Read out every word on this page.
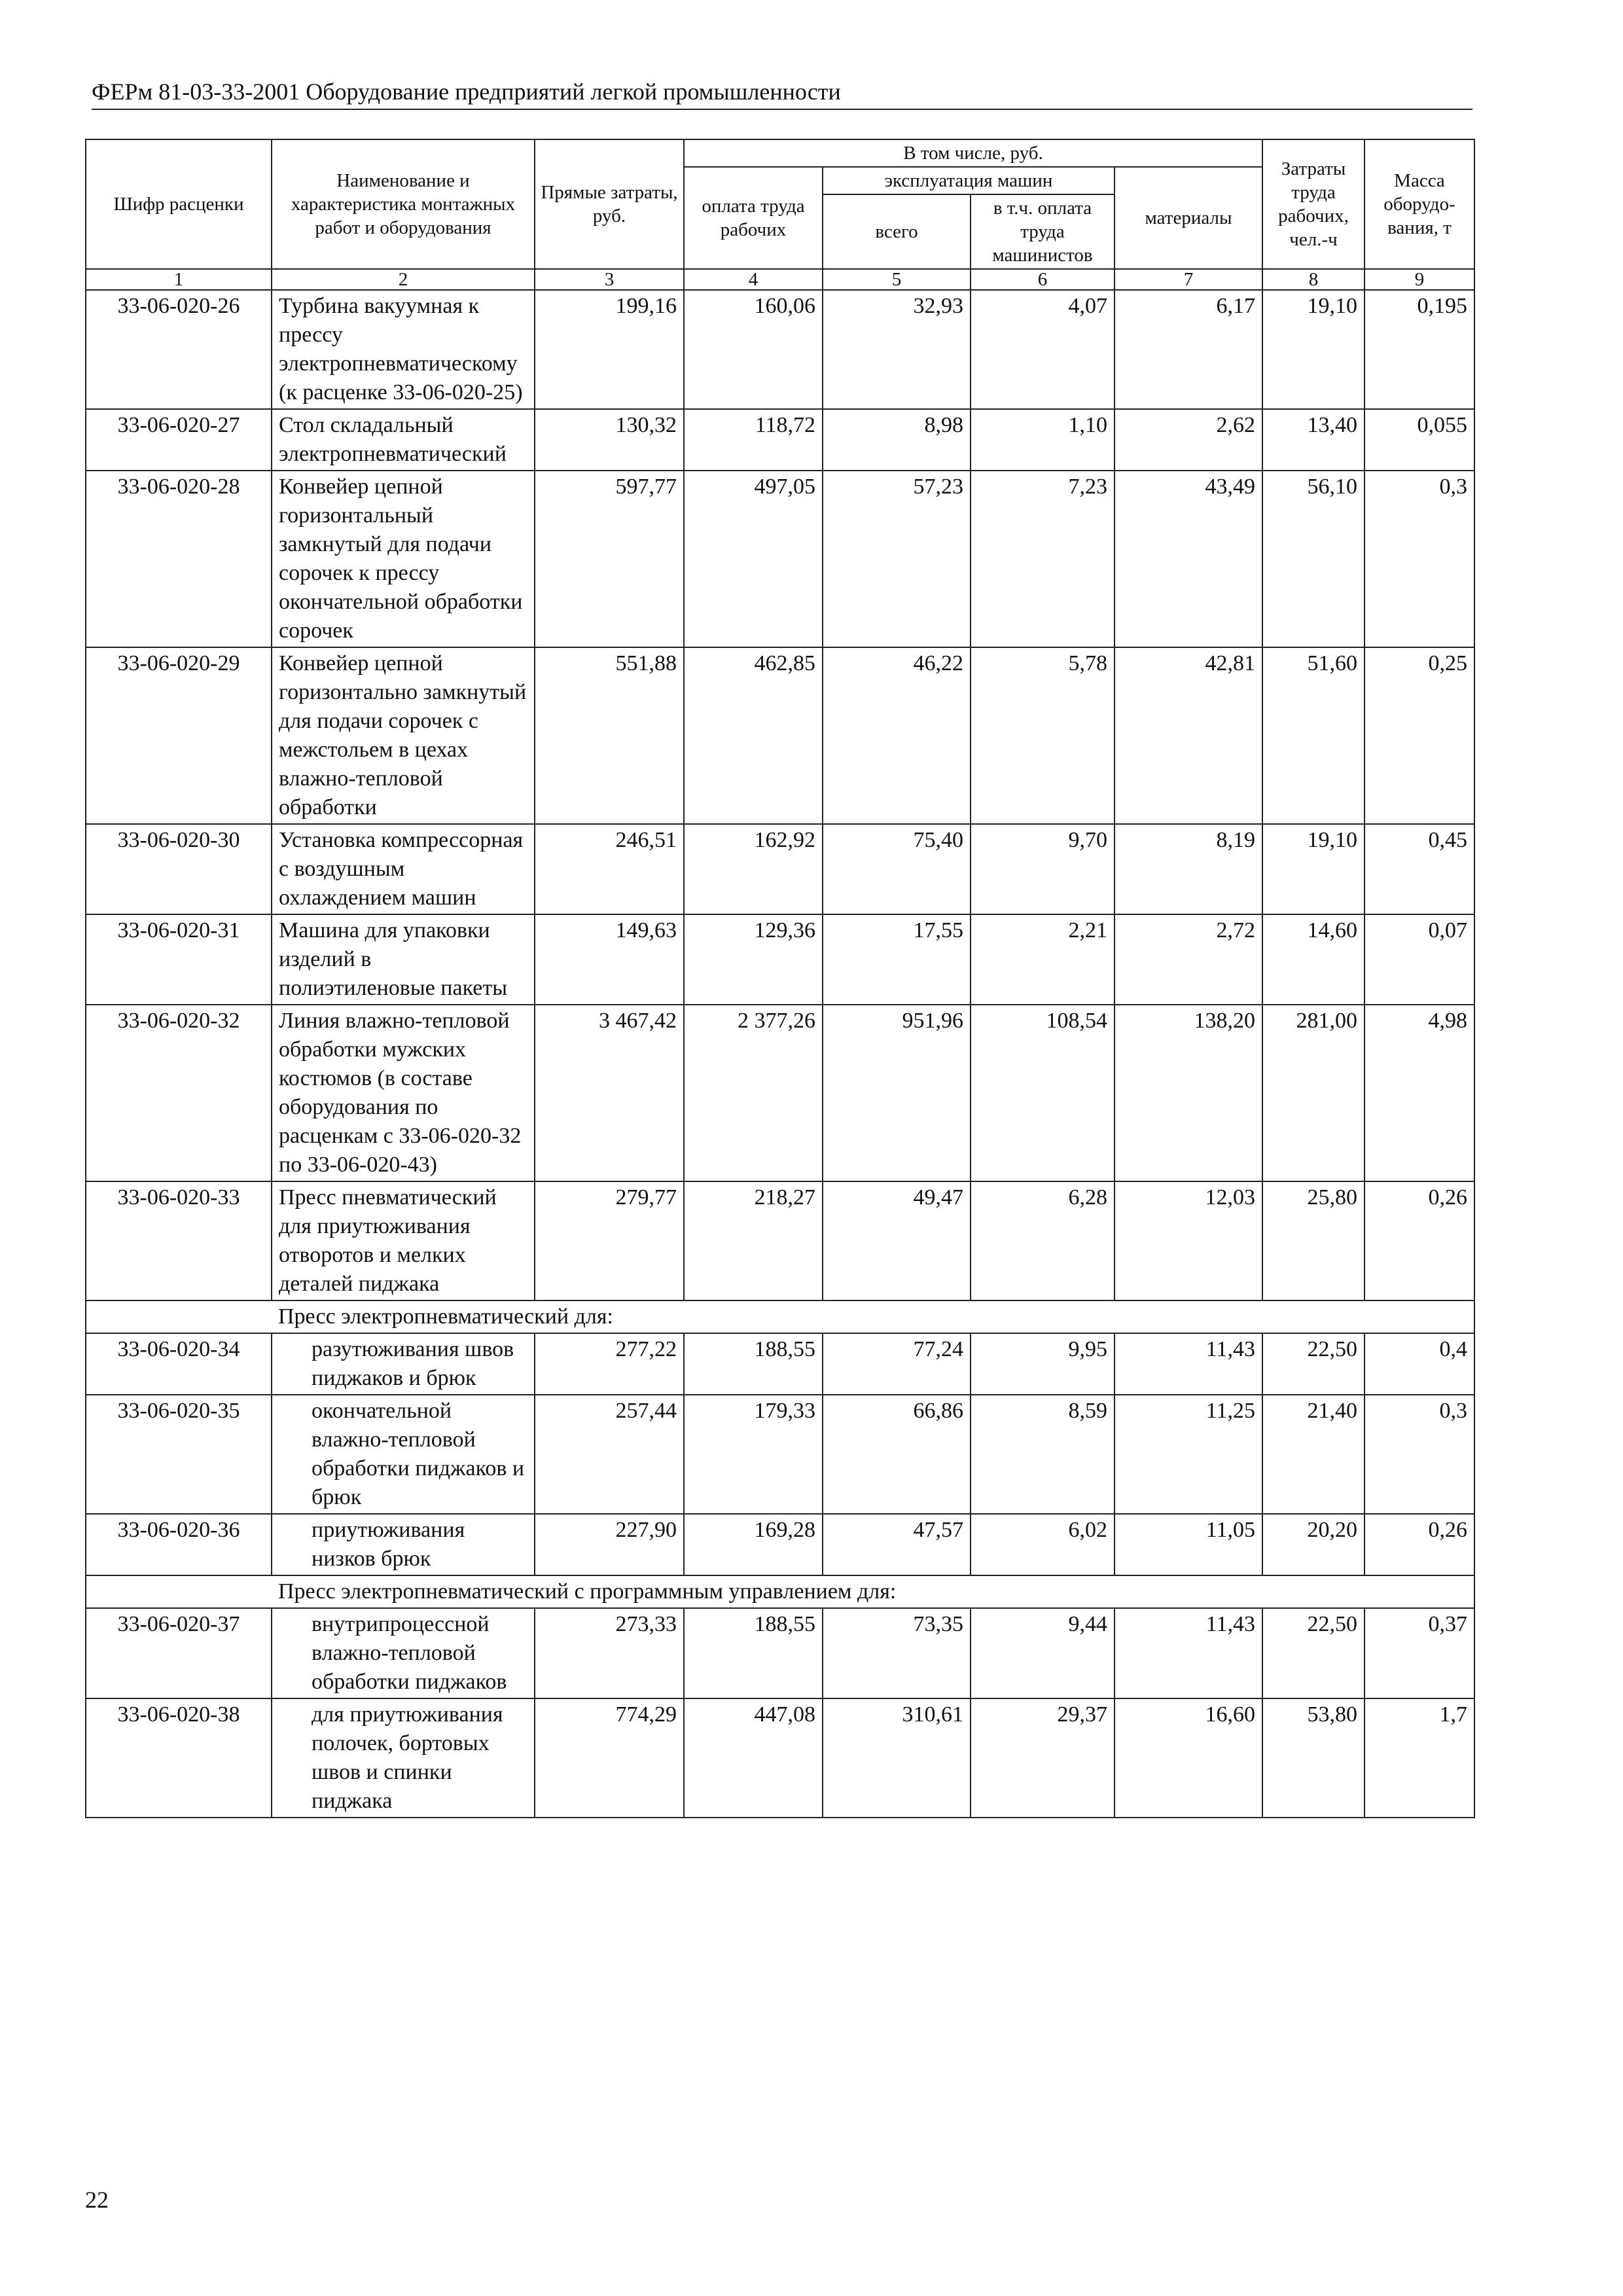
ФЕРм 81-03-33-2001 Оборудование предприятий легкой промышленности
Шифр расценки	Наименование и характеристика монтажных работ и оборудования	Прямые затраты, руб.	В том числе, руб.				Затраты труда рабочих, чел.-ч	Масса оборудо-вания, т
			оплата труда рабочих	эксплуатация машин		материалы		
				всего	в т.ч. оплата труда машинистов			
1	2	3	4	5	6	7	8	9
33-06-020-26	Турбина вакуумная к прессу электропневматическому (к расценке 33-06-020-25)	199,16	160,06	32,93	4,07	6,17	19,10	0,195
33-06-020-27	Стол складальный электропневматический	130,32	118,72	8,98	1,10	2,62	13,40	0,055
33-06-020-28	Конвейер цепной горизонтальный замкнутый для подачи сорочек к прессу окончательной обработки сорочек	597,77	497,05	57,23	7,23	43,49	56,10	0,3
33-06-020-29	Конвейер цепной горизонтально замкнутый для подачи сорочек с межстольем в цехах влажно-тепловой обработки	551,88	462,85	46,22	5,78	42,81	51,60	0,25
33-06-020-30	Установка компрессорная с воздушным охлаждением машин	246,51	162,92	75,40	9,70	8,19	19,10	0,45
33-06-020-31	Машина для упаковки изделий в полиэтиленовые пакеты	149,63	129,36	17,55	2,21	2,72	14,60	0,07
33-06-020-32	Линия влажно-тепловой обработки мужских костюмов (в составе оборудования по расценкам с 33-06-020-32 по 33-06-020-43)	3 467,42	2 377,26	951,96	108,54	138,20	281,00	4,98
33-06-020-33	Пресс пневматический для приутюживания отворотов и мелких деталей пиджака	279,77	218,27	49,47	6,28	12,03	25,80	0,26
	Пресс электропневматический для:							
33-06-020-34	разутюживания швов пиджаков и брюк	277,22	188,55	77,24	9,95	11,43	22,50	0,4
33-06-020-35	окончательной влажно-тепловой обработки пиджаков и брюк	257,44	179,33	66,86	8,59	11,25	21,40	0,3
33-06-020-36	приутюживания низков брюк	227,90	169,28	47,57	6,02	11,05	20,20	0,26
	Пресс электропневматический с программным управлением для:							
33-06-020-37	внутрипроцессной влажно-тепловой обработки пиджаков	273,33	188,55	73,35	9,44	11,43	22,50	0,37
33-06-020-38	для приутюживания полочек, бортовых швов и спинки пиджака	774,29	447,08	310,61	29,37	16,60	53,80	1,7
22
